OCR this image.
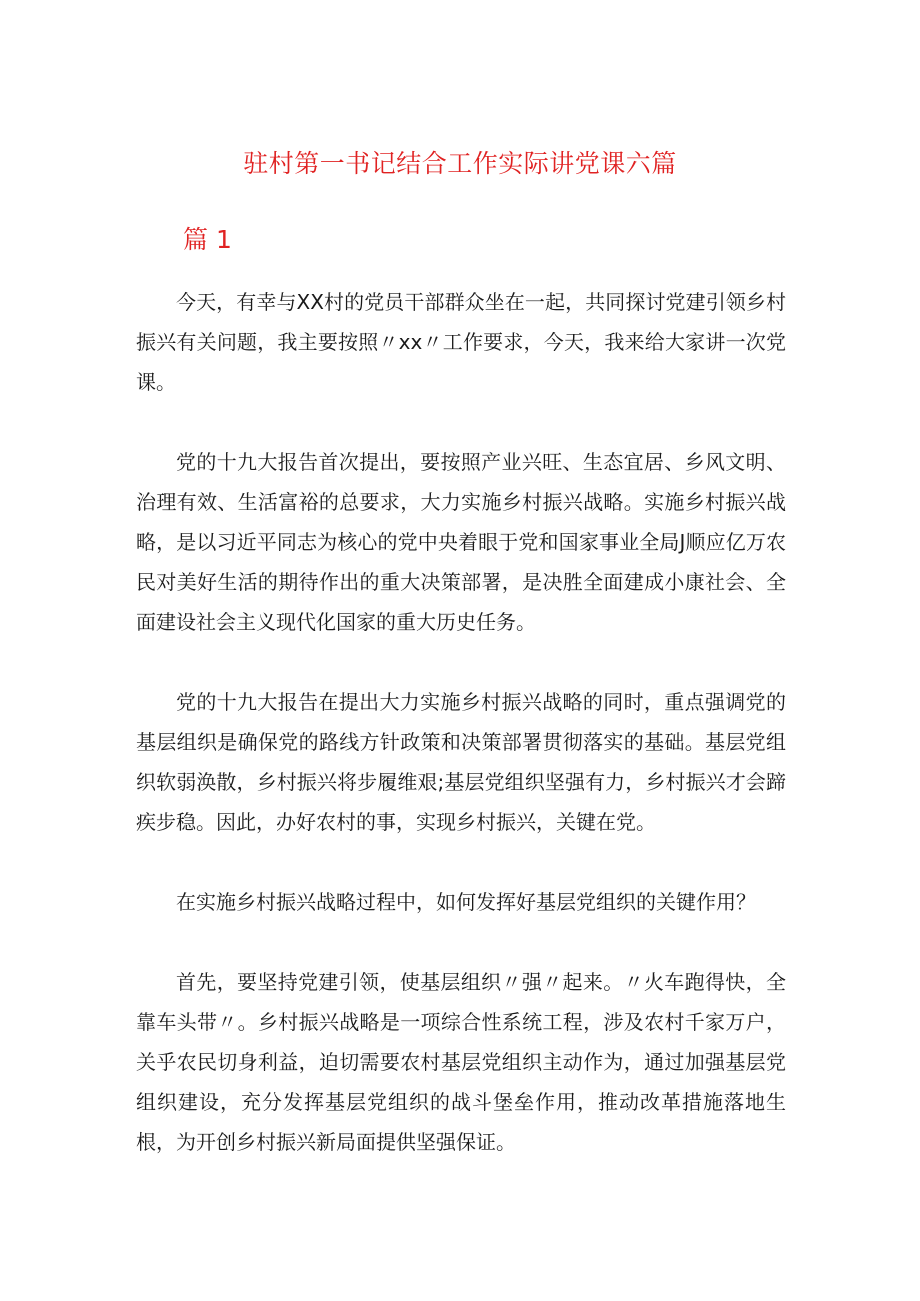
驻村第一书记结合工作实际讲党课六篇
篇 1

今天，有幸与XX村的党员干部群众坐在一起，共同探讨党建引领乡村振兴有关问题，我主要按照〃xx〃工作要求，今天，我来给大家讲一次党课。

党的十九大报告首次提出，要按照产业兴旺、生态宜居、乡风文明、治理有效、生活富裕的总要求，大力实施乡村振兴战略。实施乡村振兴战略，是以习近平同志为核心的党中央着眼于党和国家事业全局J顺应亿万农民对美好生活的期待作出的重大决策部署，是决胜全面建成小康社会、全面建设社会主义现代化国家的重大历史任务。

党的十九大报告在提出大力实施乡村振兴战略的同时，重点强调党的基层组织是确保党的路线方针政策和决策部署贯彻落实的基础。基层党组织软弱涣散，乡村振兴将步履维艰;基层党组织坚强有力，乡村振兴才会蹄疾步稳。因此，办好农村的事，实现乡村振兴，关键在党。

在实施乡村振兴战略过程中，如何发挥好基层党组织的关键作用？

首先，要坚持党建引领，使基层组织〃强〃起来。〃火车跑得快，全靠车头带〃。乡村振兴战略是一项综合性系统工程，涉及农村千家万户，关乎农民切身利益，迫切需要农村基层党组织主动作为，通过加强基层党组织建设，充分发挥基层党组织的战斗堡垒作用，推动改革措施落地生根，为开创乡村振兴新局面提供坚强保证。
